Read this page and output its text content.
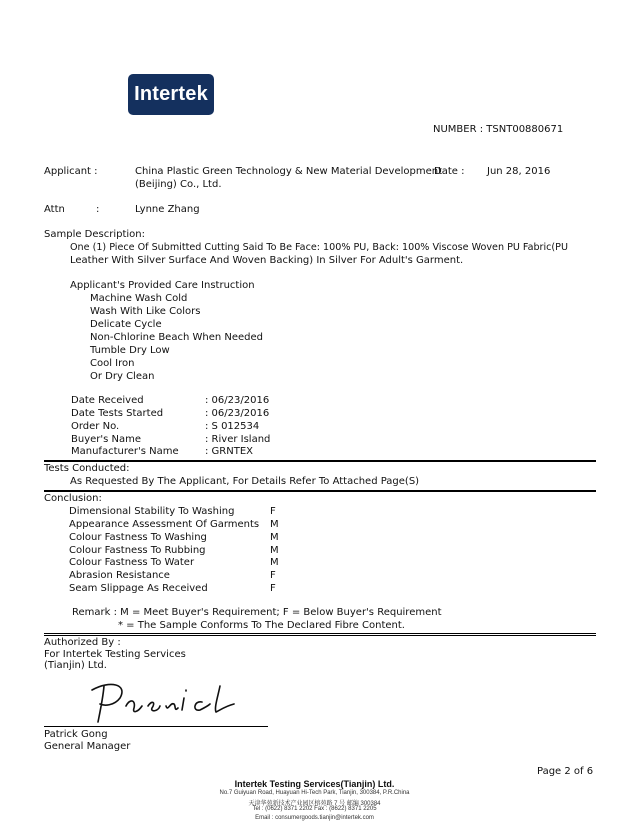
Intertek
NUMBER : TSNT00880671
Applicant :	China Plastic Green Technology & New Material Development
(Beijing) Co., Ltd.
Date : Jun 28, 2016
Attn	:	Lynne Zhang
Sample Description:
One (1) Piece Of Submitted Cutting Said To Be Face: 100% PU, Back: 100% Viscose Woven PU Fabric(PU
Leather With Silver Surface And Woven Backing) In Silver For Adult's Garment.
Applicant's Provided Care Instruction
Machine Wash Cold
Wash With Like Colors
Delicate Cycle
Non-Chlorine Beach When Needed
Tumble Dry Low
Cool Iron
Or Dry Clean
Date Received	: 06/23/2016
Date Tests Started	: 06/23/2016
Order No.	: S 012534
Buyer's Name	: River Island
Manufacturer's Name	: GRNTEX
Tests Conducted:
As Requested By The Applicant, For Details Refer To Attached Page(S)
Conclusion:
Dimensional Stability To Washing	F
Appearance Assessment Of Garments M
Colour Fastness To Washing	M
Colour Fastness To Rubbing	M
Colour Fastness To Water	M
Abrasion Resistance	F
Seam Slippage As Received	F
Remark : M = Meet Buyer's Requirement; F = Below Buyer's Requirement
* = The Sample Conforms To The Declared Fibre Content.
Authorized By :
For Intertek Testing Services
(Tianjin) Ltd.
Patrick Gong
General Manager
Page 2 of 6
Intertek Testing Services(Tianjin) Ltd.
No.7 Guiyuan Road, Huayuan Hi-Tech Park, Tianjin, 300384, P.R.China
天津华苑新技术产业园区榕苑路 7 号 邮编 300384
Tel : (0622) 8371 2202 Fax : (8622) 8371 2205
Email : consumergoods.tianjin@intertek.com
